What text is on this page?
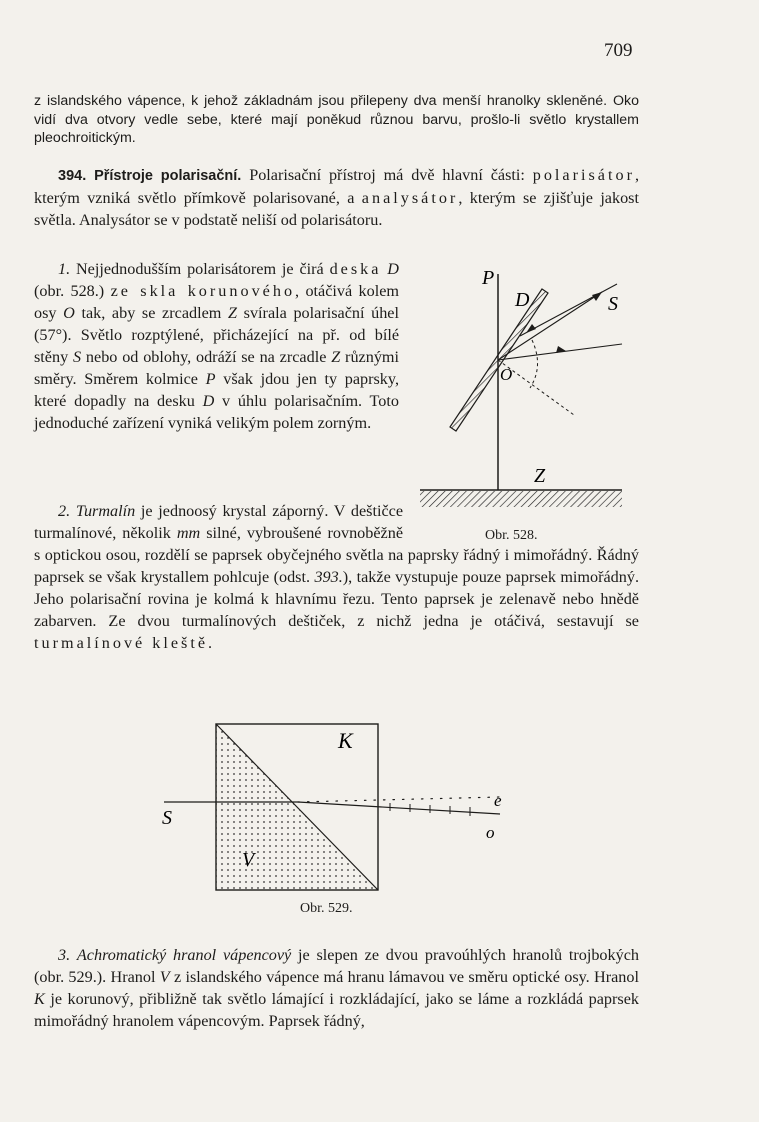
709

z islandského vápence, k jehož základnám jsou přilepeny dva menší hranolky skleněné. Oko vidí dva otvory vedle sebe, které mají poněkud různou barvu, prošlo-li světlo krystallem pleochroitickým.

394. Přístroje polarisační. Polarisační přístroj má dvě hlavní části: polarisátor, kterým vzniká světlo přímkově polarisované, a analysátor, kterým se zjišťuje jakost světla. Analysátor se v podstatě neliší od polarisátoru.

1. Nejjednodušším polarisátorem je čirá deska D (obr. 528.) ze skla korunového, otáčivá kolem osy O tak, aby se zrcadlem Z svírala polarisační úhel (57°). Světlo rozptýlené, přicházející na př. od bílé stěny S nebo od oblohy, odráží se na zrcadle Z různými směry. Směrem kolmice P však jdou jen ty paprsky, které dopadly na desku D v úhlu polarisačním. Toto jednoduché zařízení vyniká velikým polem zorným.

P
D	S
O
Z
Obr. 528.

2. Turmalín je jednoosý krystal záporný. V deštičce turmalínové, několik mm silné, vybroušené rovnoběžně s optickou osou, rozdělí se paprsek obyčejného světla na paprsky řádný i mimořádný. Řádný paprsek se však krystallem pohlcuje (odst. 393.), takže vystupuje pouze paprsek mimořádný. Jeho polarisační rovina je kolmá k hlavnímu řezu. Tento paprsek je zelenavě nebo hnědě zabarven. Ze dvou turmalínových deštiček, z nichž jedna je otáčivá, sestavují se turmalínové kleště.

K
S
V
e
o
Obr. 529.

3. Achromatický hranol vápencový je slepen ze dvou pravoúhlých hranolů trojbokých (obr. 529.). Hranol V z islandského vápence má hranu lámavou ve směru optické osy. Hranol K je korunový, přibližně tak světlo lámající i rozkládající, jako se láme a rozkládá paprsek mimořádný hranolem vápencovým. Paprsek řádný,
